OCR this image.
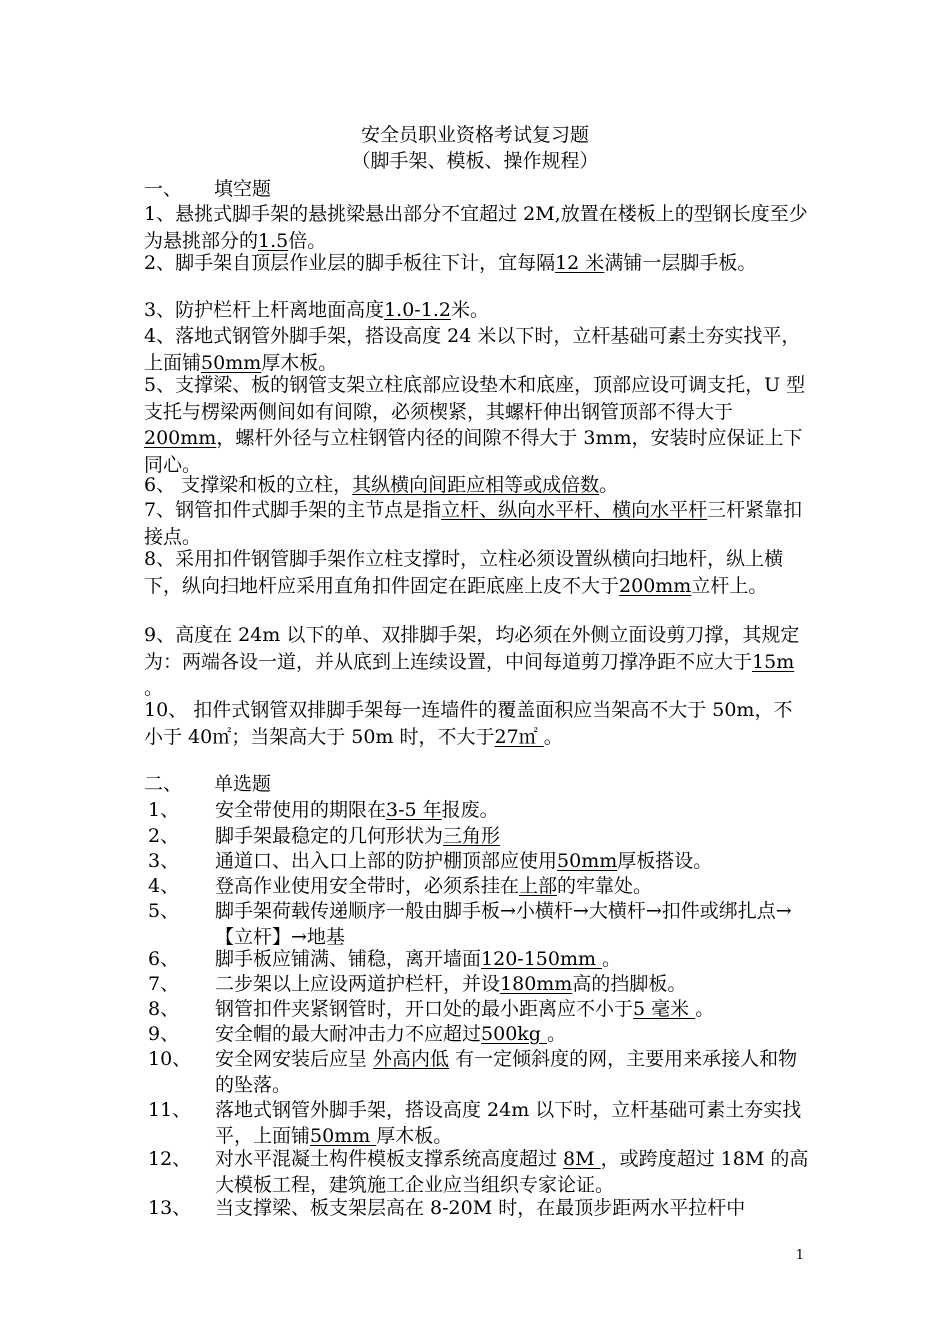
安全员职业资格考试复习题
（脚手架、模板、操作规程）
一、 填空题
1、悬挑式脚手架的悬挑梁悬出部分不宜超过 2M,放置在楼板上的型钢长度至少为悬挑部分的1.5倍。
2、脚手架自顶层作业层的脚手板往下计，宜每隔12 米满铺一层脚手板。
3、防护栏杆上杆离地面高度1.0-1.2米。
4、落地式钢管外脚手架，搭设高度 24 米以下时，立杆基础可素土夯实找平，上面铺50mm厚木板。
5、支撑梁、板的钢管支架立柱底部应设垫木和底座，顶部应设可调支托，U 型支托与楞梁两侧间如有间隙，必须楔紧，其螺杆伸出钢管顶部不得大于200mm，螺杆外径与立柱钢管内径的间隙不得大于 3mm，安装时应保证上下同心。
6、 支撑梁和板的立柱，其纵横向间距应相等或成倍数。
7、钢管扣件式脚手架的主节点是指立杆、纵向水平杆、横向水平杆三杆紧靠扣接点。
8、采用扣件钢管脚手架作立柱支撑时，立柱必须设置纵横向扫地杆，纵上横下，纵向扫地杆应采用直角扣件固定在距底座上皮不大于200mm立杆上。
9、高度在 24m 以下的单、双排脚手架，均必须在外侧立面设剪刀撑，其规定为：两端各设一道，并从底到上连续设置，中间每道剪刀撑净距不应大于15m 。
10、 扣件式钢管双排脚手架每一连墙件的覆盖面积应当架高不大于 50m，不小于 40㎡；当架高大于 50m 时，不大于27㎡ 。
二、 单选题
1、	安全带使用的期限在3-5 年报废。
2、	脚手架最稳定的几何形状为三角形
3、	通道口、出入口上部的防护棚顶部应使用50mm厚板搭设。
4、	登高作业使用安全带时，必须系挂在上部的牢靠处。
5、	脚手架荷载传递顺序一般由脚手板→小横杆→大横杆→扣件或绑扎点→【立杆】→地基
6、	脚手板应铺满、铺稳，离开墙面120-150mm 。
7、	二步架以上应设两道护栏杆，并设180mm高的挡脚板。
8、	钢管扣件夹紧钢管时，开口处的最小距离应不小于5 毫米 。
9、	安全帽的最大耐冲击力不应超过500kg 。
10、	安全网安装后应呈 外高内低 有一定倾斜度的网，主要用来承接人和物的坠落。
11、	落地式钢管外脚手架，搭设高度 24m 以下时，立杆基础可素土夯实找平，上面铺50mm 厚木板。
12、	对水平混凝土构件模板支撑系统高度超过 8M ，或跨度超过 18M 的高大模板工程，建筑施工企业应当组织专家论证。
13、	当支撑梁、板支架层高在 8-20M 时，在最顶步距两水平拉杆中
1
